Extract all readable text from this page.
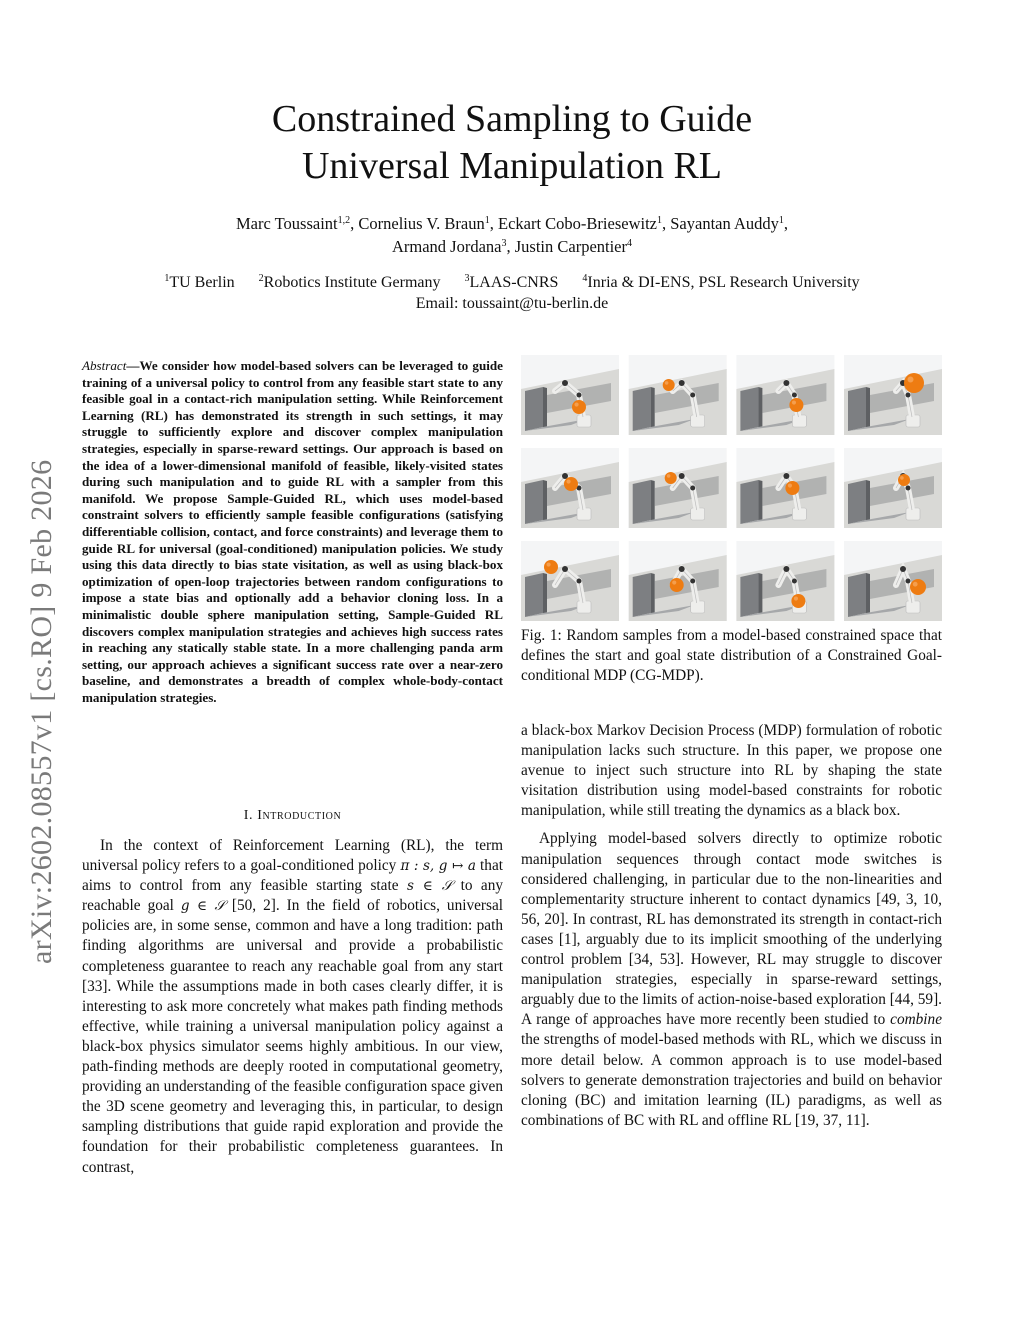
Constrained Sampling to Guide
Universal Manipulation RL
Marc Toussaint$^{1,2}$, Cornelius V. Braun$^1$, Eckart Cobo-Briesewitz$^1$, Sayantan Auddy$^1$,
Armand Jordana$^3$, Justin Carpentier$^4$
$^1$TU Berlin $^2$Robotics Institute Germany $^3$LAAS-CNRS $^4$Inria & DI-ENS, PSL Research University
Email: toussaint@tu-berlin.de
arXiv:2602.08557v1 [cs.RO] 9 Feb 2026
Abstract—We consider how model-based solvers can be leveraged to guide training of a universal policy to control from any feasible start state to any feasible goal in a contact-rich manipulation setting. While Reinforcement Learning (RL) has demonstrated its strength in such settings, it may struggle to sufficiently explore and discover complex manipulation strategies, especially in sparse-reward settings. Our approach is based on the idea of a lower-dimensional manifold of feasible, likely-visited states during such manipulation and to guide RL with a sampler from this manifold. We propose Sample-Guided RL, which uses model-based constraint solvers to efficiently sample feasible configurations (satisfying differentiable collision, contact, and force constraints) and leverage them to guide RL for universal (goal-conditioned) manipulation policies. We study using this data directly to bias state visitation, as well as using black-box optimization of open-loop trajectories between random configurations to impose a state bias and optionally add a behavior cloning loss. In a minimalistic double sphere manipulation setting, Sample-Guided RL discovers complex manipulation strategies and achieves high success rates in reaching any statically stable state. In a more challenging panda arm setting, our approach achieves a significant success rate over a near-zero baseline, and demonstrates a breadth of complex whole-body-contact manipulation strategies.
I. Introduction

In the context of Reinforcement Learning (RL), the term universal policy refers to a goal-conditioned policy π : s, g ↦ a that aims to control from any feasible starting state s ∈ 𝒮 to any reachable goal g ∈ 𝒮 [50, 2]. In the field of robotics, universal policies are, in some sense, common and have a long tradition: path finding algorithms are universal and provide a probabilistic completeness guarantee to reach any reachable goal from any start [33]. While the assumptions made in both cases clearly differ, it is interesting to ask more concretely what makes path finding methods effective, while training a universal manipulation policy against a black-box physics simulator seems highly ambitious. In our view, path-finding methods are deeply rooted in computational geometry, providing an understanding of the feasible configuration space given the 3D scene geometry and leveraging this, in particular, to design sampling distributions that guide rapid exploration and provide the foundation for their probabilistic completeness guarantees. In contrast,

Fig. 1: Random samples from a model-based constrained space that defines the start and goal state distribution of a Constrained Goal-conditional MDP (CG-MDP).

a black-box Markov Decision Process (MDP) formulation of robotic manipulation lacks such structure. In this paper, we propose one avenue to inject such structure into RL by shaping the state visitation distribution using model-based constraints for robotic manipulation, while still treating the dynamics as a black box.

Applying model-based solvers directly to optimize robotic manipulation sequences through contact mode switches is considered challenging, in particular due to the non-linearities and complementarity structure inherent to contact dynamics [49, 3, 10, 56, 20]. In contrast, RL has demonstrated its strength in contact-rich cases [1], arguably due to its implicit smoothing of the underlying control problem [34, 53]. However, RL may struggle to discover manipulation strategies, especially in sparse-reward settings, arguably due to the limits of action-noise-based exploration [44, 59]. A range of approaches have more recently been studied to combine the strengths of model-based methods with RL, which we discuss in more detail below. A common approach is to use model-based solvers to generate demonstration trajectories and build on behavior cloning (BC) and imitation learning (IL) paradigms, as well as combinations of BC with RL and offline RL [19, 37, 11].
